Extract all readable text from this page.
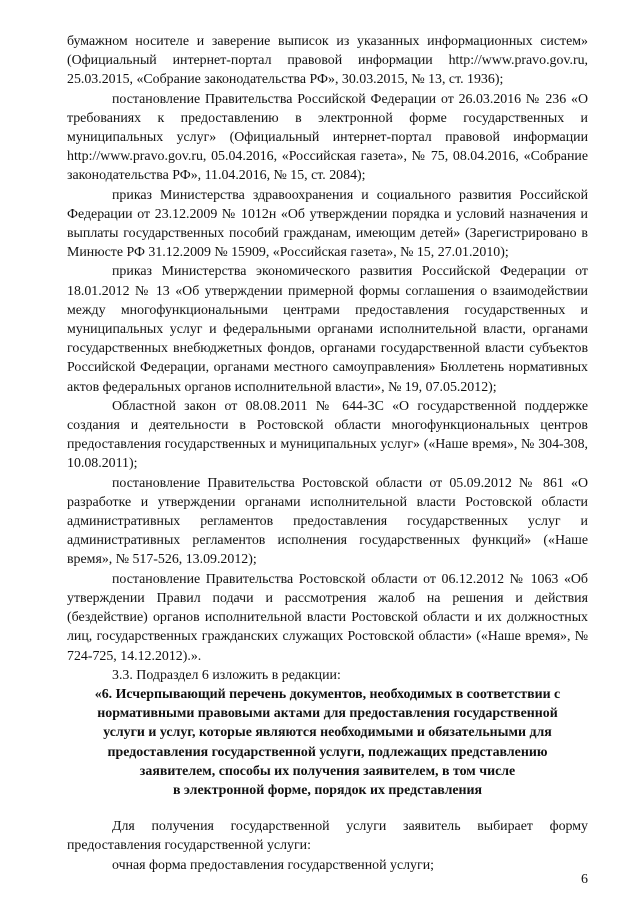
бумажном носителе и заверение выписок из указанных информационных систем» (Официальный интернет-портал правовой информации http://www.pravo.gov.ru, 25.03.2015, «Собрание законодательства РФ», 30.03.2015, № 13, ст. 1936);

постановление Правительства Российской Федерации от 26.03.2016 № 236 «О требованиях к предоставлению в электронной форме государственных и муниципальных услуг» (Официальный интернет-портал правовой информации http://www.pravo.gov.ru, 05.04.2016, «Российская газета», № 75, 08.04.2016, «Собрание законодательства РФ», 11.04.2016, № 15, ст. 2084);

приказ Министерства здравоохранения и социального развития Российской Федерации от 23.12.2009 № 1012н «Об утверждении порядка и условий назначения и выплаты государственных пособий гражданам, имеющим детей» (Зарегистрировано в Минюсте РФ 31.12.2009 № 15909, «Российская газета», № 15, 27.01.2010);

приказ Министерства экономического развития Российской Федерации от 18.01.2012 № 13 «Об утверждении примерной формы соглашения о взаимодействии между многофункциональными центрами предоставления государственных и муниципальных услуг и федеральными органами исполнительной власти, органами государственных внебюджетных фондов, органами государственной власти субъектов Российской Федерации, органами местного самоуправления» Бюллетень нормативных актов федеральных органов исполнительной власти», № 19, 07.05.2012);

Областной закон от 08.08.2011 № 644-ЗС «О государственной поддержке создания и деятельности в Ростовской области многофункциональных центров предоставления государственных и муниципальных услуг» («Наше время», № 304-308, 10.08.2011);

постановление Правительства Ростовской области от 05.09.2012 № 861 «О разработке и утверждении органами исполнительной власти Ростовской области административных регламентов предоставления государственных услуг и административных регламентов исполнения государственных функций» («Наше время», № 517-526, 13.09.2012);

постановление Правительства Ростовской области от 06.12.2012 № 1063 «Об утверждении Правил подачи и рассмотрения жалоб на решения и действия (бездействие) органов исполнительной власти Ростовской области и их должностных лиц, государственных гражданских служащих Ростовской области» («Наше время», № 724-725, 14.12.2012).».

3.3. Подраздел 6 изложить в редакции:

«6. Исчерпывающий перечень документов, необходимых в соответствии с
нормативными правовыми актами для предоставления государственной
услуги и услуг, которые являются необходимыми и обязательными для
предоставления государственной услуги, подлежащих представлению
заявителем, способы их получения заявителем, в том числе
в электронной форме, порядок их представления

Для получения государственной услуги заявитель выбирает форму предоставления государственной услуги:

очная форма предоставления государственной услуги;

6
